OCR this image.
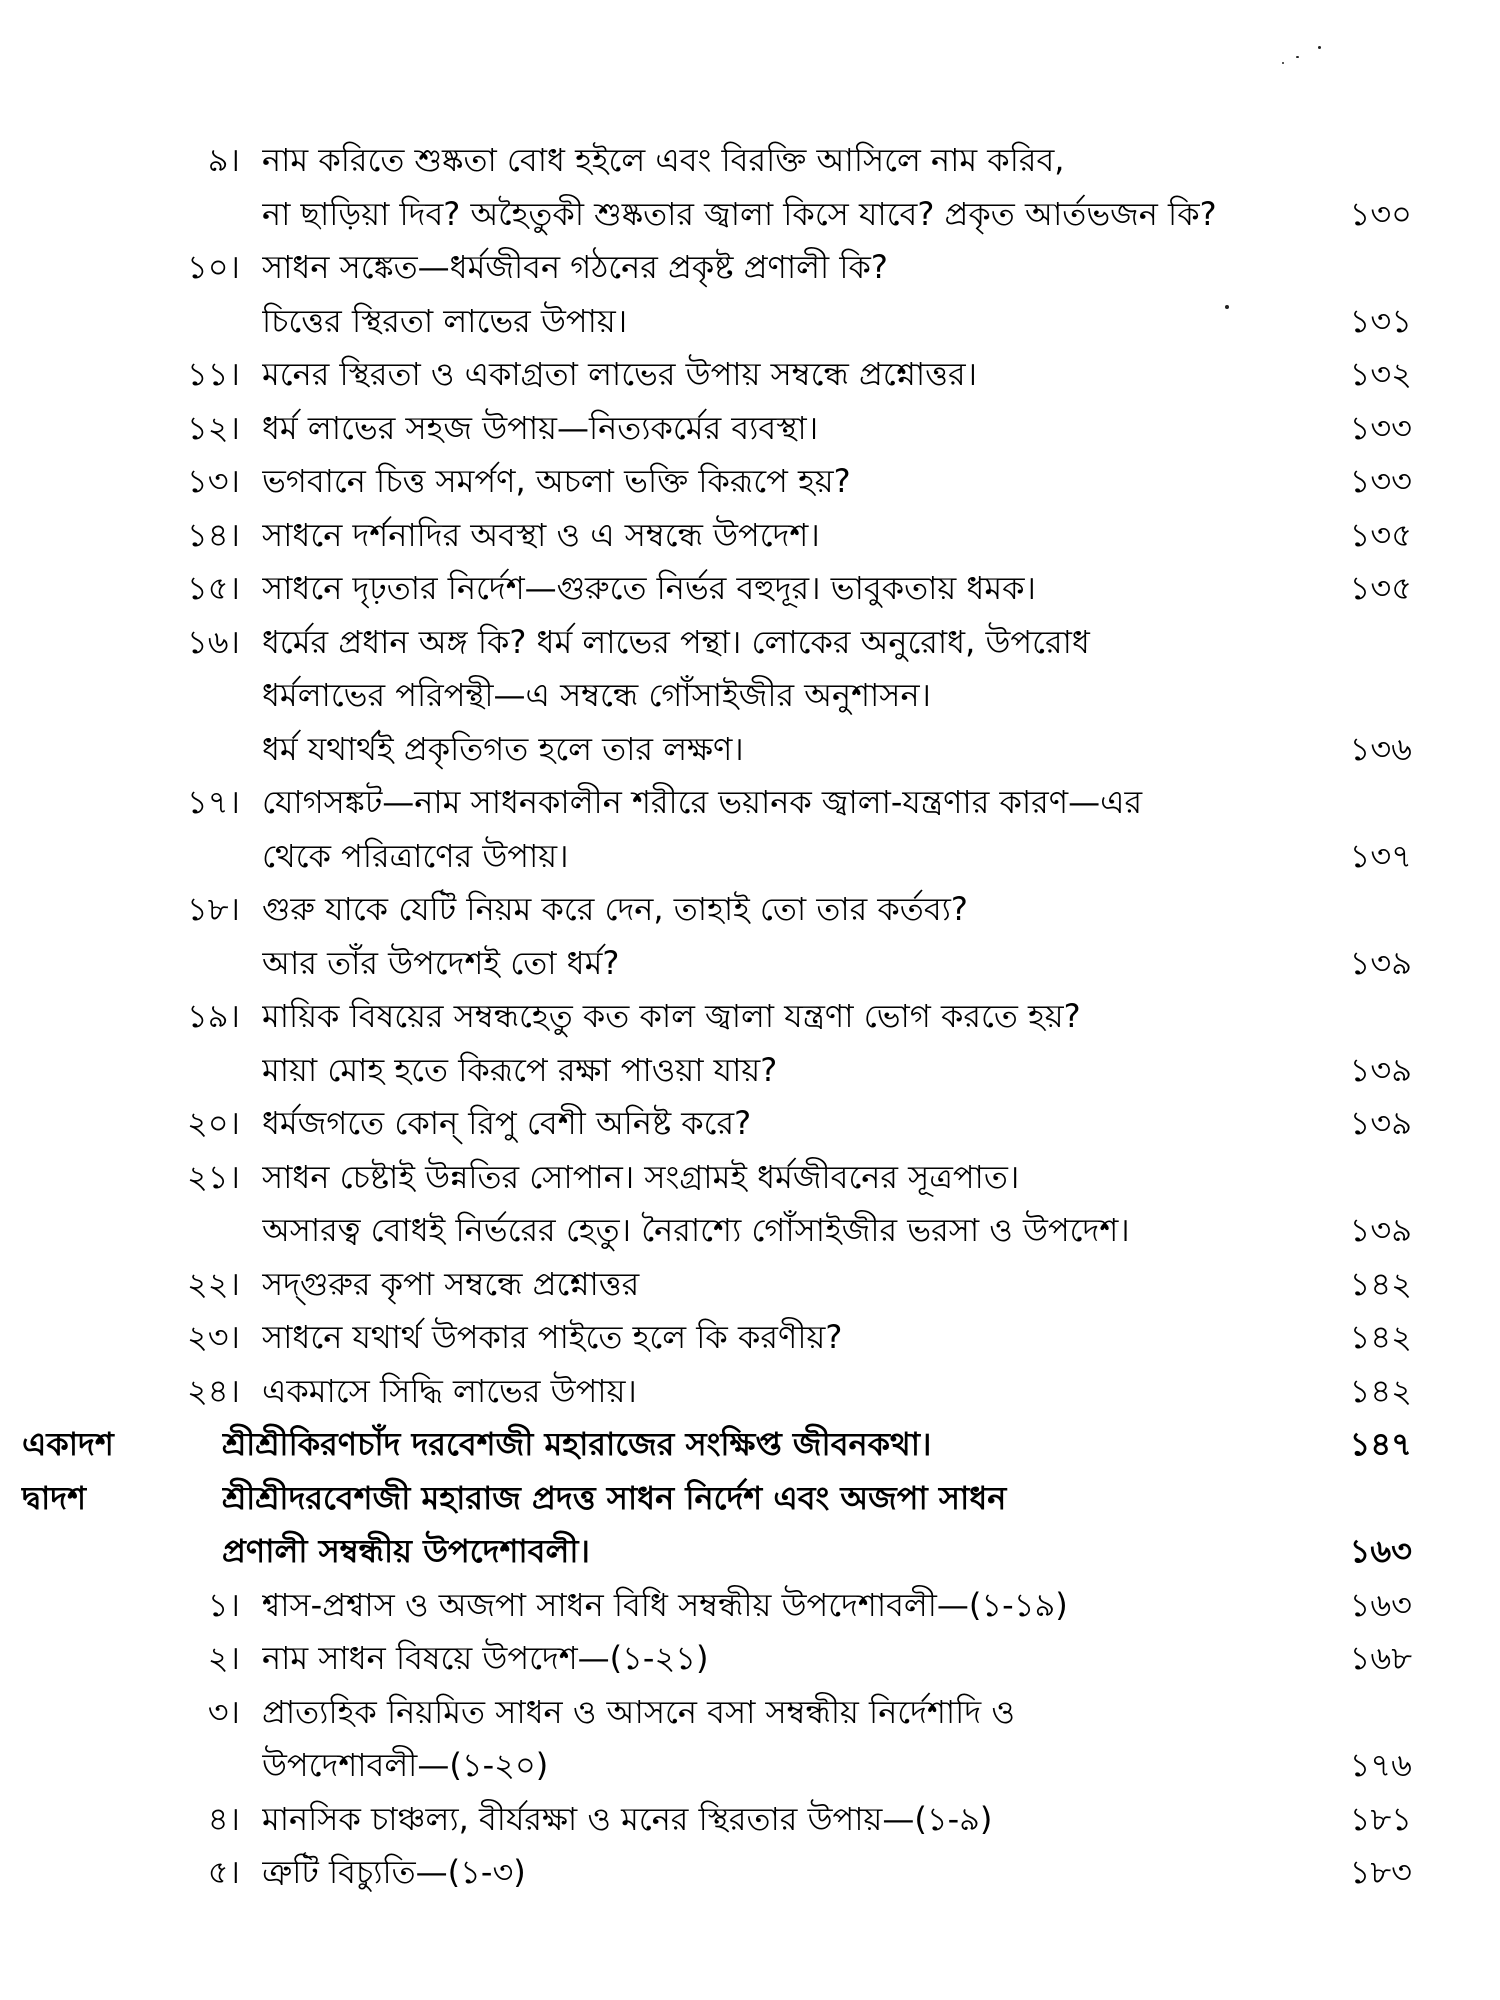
৯। নাম করিতে শুষ্কতা বোধ হইলে এবং বিরক্তি আসিলে নাম করিব,
না ছাড়িয়া দিব? অহৈতুকী শুষ্কতার জ্বালা কিসে যাবে? প্রকৃত আর্তভজন কি?	১৩০
১০। সাধন সঙ্কেত—ধর্মজীবন গঠনের প্রকৃষ্ট প্রণালী কি?
চিত্তের স্থিরতা লাভের উপায়।	১৩১
১১। মনের স্থিরতা ও একাগ্রতা লাভের উপায় সম্বন্ধে প্রশ্নোত্তর।	১৩২
১২। ধর্ম লাভের সহজ উপায়—নিত্যকর্মের ব্যবস্থা।	১৩৩
১৩। ভগবানে চিত্ত সমর্পণ, অচলা ভক্তি কিরূপে হয়?	১৩৩
১৪। সাধনে দর্শনাদির অবস্থা ও এ সম্বন্ধে উপদেশ।	১৩৫
১৫। সাধনে দৃঢ়তার নির্দেশ—গুরুতে নির্ভর বহুদূর। ভাবুকতায় ধমক।	১৩৫
১৬। ধর্মের প্রধান অঙ্গ কি? ধর্ম লাভের পন্থা। লোকের অনুরোধ, উপরোধ
ধর্মলাভের পরিপন্থী—এ সম্বন্ধে গোঁসাইজীর অনুশাসন।
ধর্ম যথার্থই প্রকৃতিগত হলে তার লক্ষণ।	১৩৬
১৭। যোগসঙ্কট—নাম সাধনকালীন শরীরে ভয়ানক জ্বালা-যন্ত্রণার কারণ—এর
থেকে পরিত্রাণের উপায়।	১৩৭
১৮। গুরু যাকে যেটি নিয়ম করে দেন, তাহাই তো তার কর্তব্য?
আর তাঁর উপদেশই তো ধর্ম?	১৩৯
১৯। মায়িক বিষয়ের সম্বন্ধহেতু কত কাল জ্বালা যন্ত্রণা ভোগ করতে হয়?
মায়া মোহ হতে কিরূপে রক্ষা পাওয়া যায়?	১৩৯
২০। ধর্মজগতে কোন্ রিপু বেশী অনিষ্ট করে?	১৩৯
২১। সাধন চেষ্টাই উন্নতির সোপান। সংগ্রামই ধর্মজীবনের সূত্রপাত।
অসারত্ব বোধই নির্ভরের হেতু। নৈরাশ্যে গোঁসাইজীর ভরসা ও উপদেশ।	১৩৯
২২। সদ্গুরুর কৃপা সম্বন্ধে প্রশ্নোত্তর	১৪২
২৩। সাধনে যথার্থ উপকার পাইতে হলে কি করণীয়?	১৪২
২৪। একমাসে সিদ্ধি লাভের উপায়।	১৪২
একাদশ	শ্রীশ্রীকিরণচাঁদ দরবেশজী মহারাজের সংক্ষিপ্ত জীবনকথা।	১৪৭
দ্বাদশ	শ্রীশ্রীদরবেশজী মহারাজ প্রদত্ত সাধন নির্দেশ এবং অজপা সাধন
প্রণালী সম্বন্ধীয় উপদেশাবলী।	১৬৩
১। শ্বাস-প্রশ্বাস ও অজপা সাধন বিধি সম্বন্ধীয় উপদেশাবলী—(১-১৯)	১৬৩
২। নাম সাধন বিষয়ে উপদেশ—(১-২১)	১৬৮
৩। প্রাত্যহিক নিয়মিত সাধন ও আসনে বসা সম্বন্ধীয় নির্দেশাদি ও
উপদেশাবলী—(১-২০)	১৭৬
৪। মানসিক চাঞ্চল্য, বীর্যরক্ষা ও মনের স্থিরতার উপায়—(১-৯)	১৮১
৫। ত্রুটি বিচ্যুতি—(১-৩)	১৮৩
